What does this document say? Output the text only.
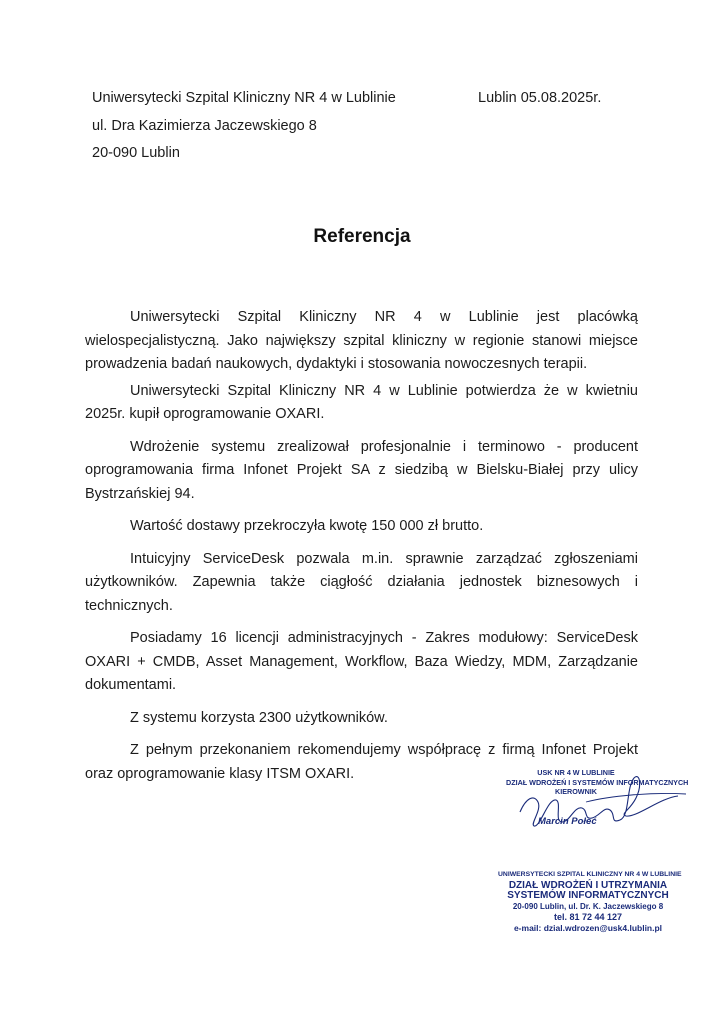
Uniwersytecki Szpital Kliniczny NR 4 w Lublinie
ul. Dra Kazimierza Jaczewskiego 8
20-090 Lublin
Lublin 05.08.2025r.
Referencja

Uniwersytecki Szpital Kliniczny NR 4 w Lublinie jest placówką wielospecjalistyczną. Jako największy szpital kliniczny w regionie stanowi miejsce prowadzenia badań naukowych, dydaktyki i stosowania nowoczesnych terapii.

Uniwersytecki Szpital Kliniczny NR 4 w Lublinie potwierdza że w kwietniu 2025r. kupił oprogramowanie OXARI.

Wdrożenie systemu zrealizował profesjonalnie i terminowo - producent oprogramowania firma Infonet Projekt SA z siedzibą w Bielsku-Białej przy ulicy Bystrzańskiej 94.

Wartość dostawy przekroczyła kwotę 150 000 zł brutto.

Intuicyjny ServiceDesk pozwala m.in. sprawnie zarządzać zgłoszeniami użytkowników. Zapewnia także ciągłość działania jednostek biznesowych i technicznych.

Posiadamy 16 licencji administracyjnych - Zakres modułowy: ServiceDesk OXARI + CMDB, Asset Management, Workflow, Baza Wiedzy, MDM, Zarządzanie dokumentami.

Z systemu korzysta 2300 użytkowników.

Z pełnym przekonaniem rekomendujemy współpracę z firmą Infonet Projekt oraz oprogramowanie klasy ITSM OXARI.	USK NR 4 W LUBLINIE
DZIAŁ WDROŻEŃ I SYSTEMÓW INFORMATYCZNYCH
KIEROWNIK
Marcin Połeć
UNIWERSYTECKI SZPITAL KLINICZNY NR 4 W LUBLINIE
DZIAŁ WDROŻEŃ I UTRZYMANIA
SYSTEMÓW INFORMATYCZNYCH
20-090 Lublin, ul. Dr. K. Jaczewskiego 8
tel. 81 72 44 127
e-mail: dzial.wdrozen@usk4.lublin.pl
